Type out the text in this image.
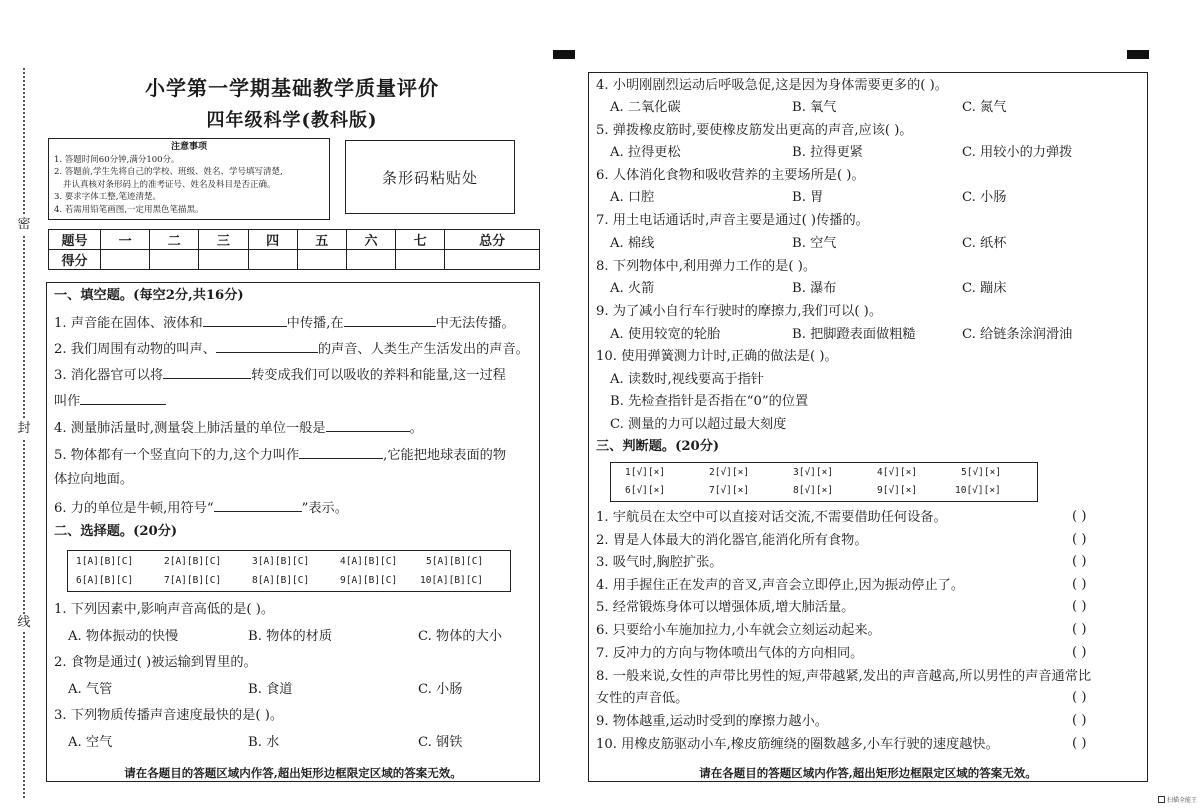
密
封
线
小学第一学期基础教学质量评价
四年级科学(教科版)
注意事项
1. 答题时间60分钟,满分100分。
2. 答题前,学生先将自己的学校、班级、姓名、学号填写清楚,
并认真核对条形码上的准考证号、姓名及科目是否正确。
3. 要求字体工整,笔迹清楚。
4. 若需用铅笔画图,一定用黑色笔描黑。
条形码粘贴处
题号	一	二	三	四	五	六	七	总分
得分								
一、填空题。(每空2分,共16分)
1. 声音能在固体、液体和	中传播,在	中无法传播。
2. 我们周围有动物的叫声、	的声音、人类生产生活发出的声音。
3. 消化器官可以将	转变成我们可以吸收的养料和能量,这一过程
叫作
4. 测量肺活量时,测量袋上肺活量的单位一般是	。
5. 物体都有一个竖直向下的力,这个力叫作	,它能把地球表面的物
体拉向地面。
6. 力的单位是牛顿,用符号“	”表示。
二、选择题。(20分)
1[A][B][C]	2[A][B][C]	3[A][B][C]	4[A][B][C]	5[A][B][C]
6[A][B][C]	7[A][B][C]	8[A][B][C]	9[A][B][C] 10[A][B][C]
1. 下列因素中,影响声音高低的是( )。
A. 物体振动的快慢	B. 物体的材质	C. 物体的大小
2. 食物是通过( )被运输到胃里的。
A. 气管	B. 食道	C. 小肠
3. 下列物质传播声音速度最快的是( )。
A. 空气	B. 水	C. 钢铁
请在各题目的答题区域内作答,超出矩形边框限定区域的答案无效。
4. 小明刚剧烈运动后呼吸急促,这是因为身体需要更多的( )。
A. 二氧化碳	B. 氧气	C. 氮气
5. 弹拨橡皮筋时,要使橡皮筋发出更高的声音,应该( )。
A. 拉得更松	B. 拉得更紧	C. 用较小的力弹拨
6. 人体消化食物和吸收营养的主要场所是( )。
A. 口腔	B. 胃	C. 小肠
7. 用土电话通话时,声音主要是通过( )传播的。
A. 棉线	B. 空气	C. 纸杯
8. 下列物体中,利用弹力工作的是( )。
A. 火箭	B. 瀑布	C. 蹦床
9. 为了减小自行车行驶时的摩擦力,我们可以( )。
A. 使用较宽的轮胎	B. 把脚蹬表面做粗糙	C. 给链条涂润滑油
10. 使用弹簧测力计时,正确的做法是( )。
A. 读数时,视线要高于指针
B. 先检查指针是否指在“0”的位置
C. 测量的力可以超过最大刻度
三、判断题。(20分)
1[√][×]	2[√][×]	3[√][×]	4[√][×]	5[√][×]
6[√][×]	7[√][×]	8[√][×]	9[√][×]	10[√][×]
1. 宇航员在太空中可以直接对话交流,不需要借助任何设备。	( )
2. 胃是人体最大的消化器官,能消化所有食物。	( )
3. 吸气时,胸腔扩张。	( )
4. 用手握住正在发声的音叉,声音会立即停止,因为振动停止了。	( )
5. 经常锻炼身体可以增强体质,增大肺活量。	( )
6. 只要给小车施加拉力,小车就会立刻运动起来。	( )
7. 反冲力的方向与物体喷出气体的方向相同。	( )
8. 一般来说,女性的声带比男性的短,声带越紧,发出的声音越高,所以男性的声音通常比
女性的声音低。	( )
9. 物体越重,运动时受到的摩擦力越小。	( )
10. 用橡皮筋驱动小车,橡皮筋缠绕的圈数越多,小车行驶的速度越快。	( )
请在各题目的答题区域内作答,超出矩形边框限定区域的答案无效。
扫描全能王
